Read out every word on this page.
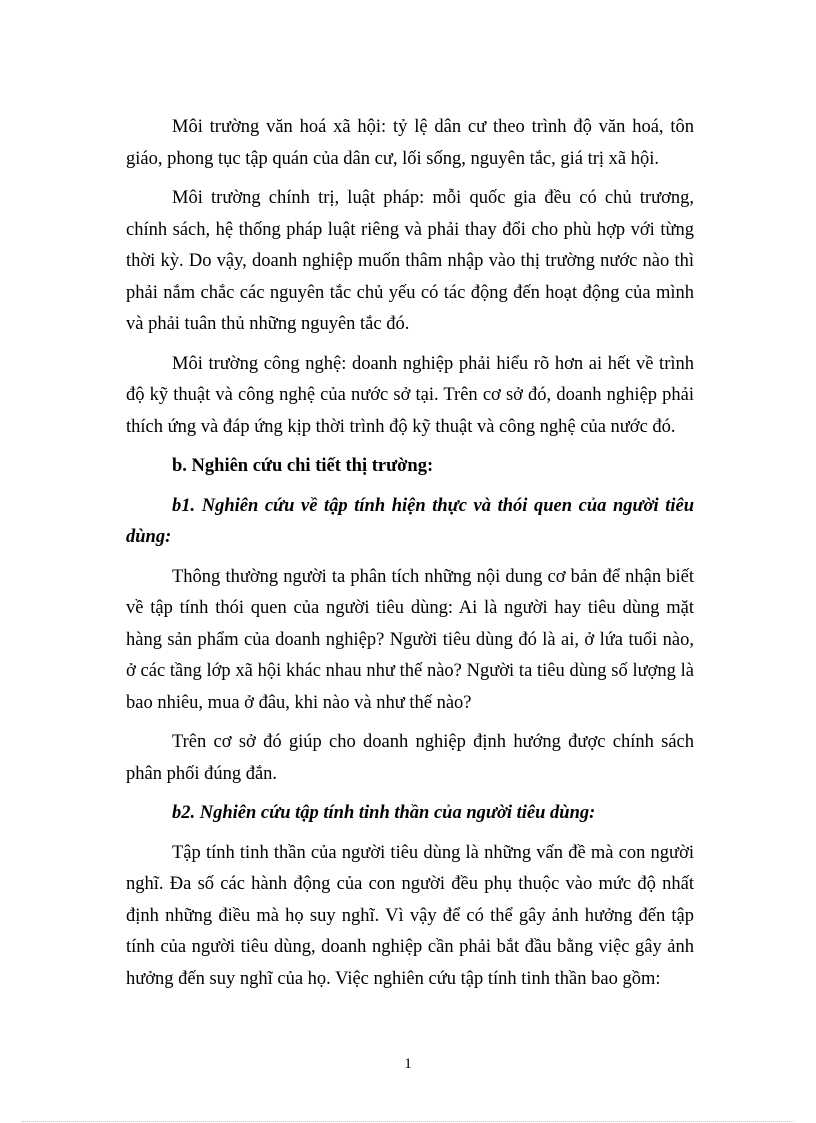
Môi trường văn hoá xã hội: tỷ lệ dân cư theo trình độ văn hoá, tôn giáo, phong tục tập quán của dân cư, lối sống, nguyên tắc, giá trị xã hội.

Môi trường chính trị, luật pháp: mỗi quốc gia đều có chủ trương, chính sách, hệ thống pháp luật riêng và phải thay đổi cho phù hợp với từng thời kỳ. Do vậy, doanh nghiệp muốn thâm nhập vào thị trường nước nào thì phải nắm chắc các nguyên tắc chủ yếu có tác động đến hoạt động của mình và phải tuân thủ những nguyên tắc đó.

Môi trường công nghệ: doanh nghiệp phải hiểu rõ hơn ai hết về trình độ kỹ thuật và công nghệ của nước sở tại. Trên cơ sở đó, doanh nghiệp phải thích ứng và đáp ứng kịp thời trình độ kỹ thuật và công nghệ của nước đó.

b. Nghiên cứu chi tiết thị trường:

b1. Nghiên cứu về tập tính hiện thực và thói quen của người tiêu dùng:

Thông thường người ta phân tích những nội dung cơ bản để nhận biết về tập tính thói quen của người tiêu dùng: Ai là người hay tiêu dùng mặt hàng sản phẩm của doanh nghiệp? Người tiêu dùng đó là ai, ở lứa tuổi nào, ở các tầng lớp xã hội khác nhau như thế nào? Người ta tiêu dùng số lượng là bao nhiêu, mua ở đâu, khi nào và như thế nào?

Trên cơ sở đó giúp cho doanh nghiệp định hướng được chính sách phân phối đúng đắn.

b2. Nghiên cứu tập tính tinh thần của người tiêu dùng:

Tập tính tinh thần của người tiêu dùng là những vấn đề mà con người nghĩ. Đa số các hành động của con người đều phụ thuộc vào mức độ nhất định những điều mà họ suy nghĩ. Vì vậy để có thể gây ảnh hưởng đến tập tính của người tiêu dùng, doanh nghiệp cần phải bắt đầu bằng việc gây ảnh hưởng đến suy nghĩ của họ. Việc nghiên cứu tập tính tinh thần bao gồm:

1
